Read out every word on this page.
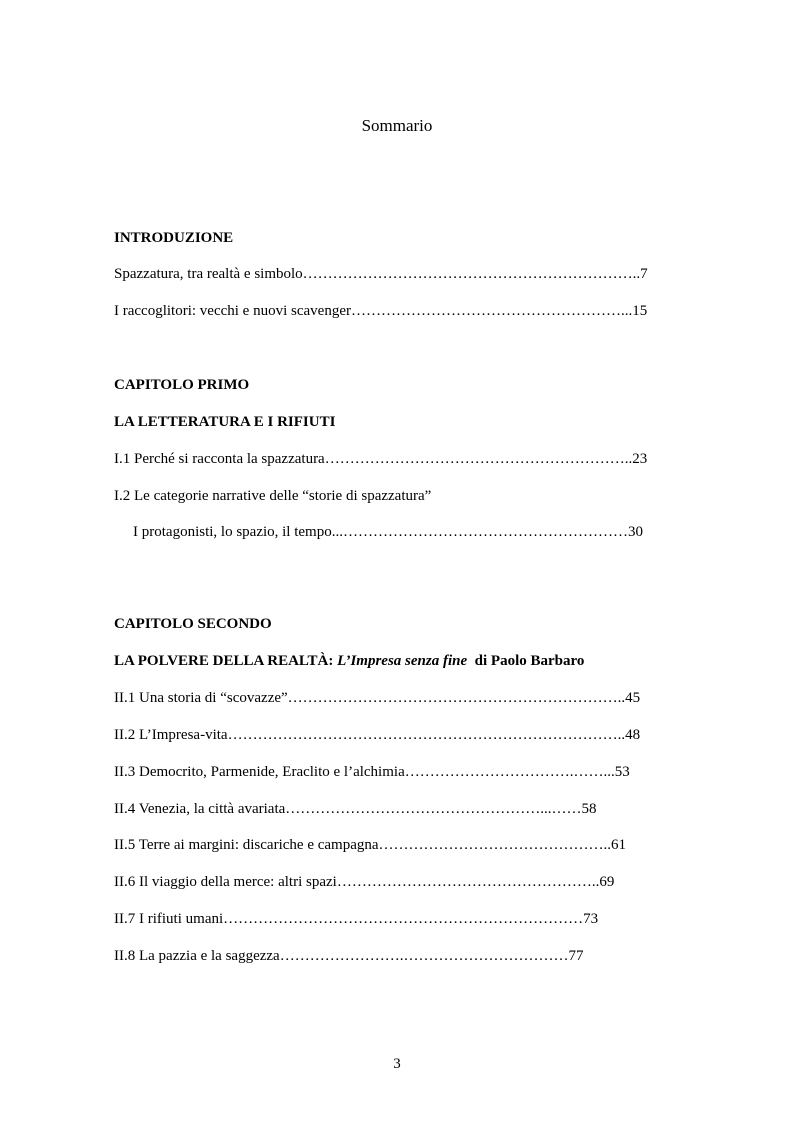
Sommario
INTRODUZIONE
Spazzatura, tra realtà e simbolo…………………………………………………………..7
I raccoglitori: vecchi e nuovi scavenger………………………………………………...15
CAPITOLO PRIMO
LA LETTERATURA E I RIFIUTI
I.1 Perché si racconta la spazzatura……………………………………………………..23
I.2 Le categorie narrative delle “storie di spazzatura”
I protagonisti, lo spazio, il tempo...…………………………………………………30
CAPITOLO SECONDO
LA POLVERE DELLA REALTÀ: L’Impresa senza fine  di Paolo Barbaro
II.1 Una storia di “scovazze”…………………………………………………………..45
II.2 L’Impresa-vita……………………………………………………………………..48
II.3 Democrito, Parmenide, Eraclito e l’alchimia…………………………….……...53
II.4 Venezia, la città avariata……………………………………………...……58
II.5 Terre ai margini: discariche e campagna………………………………………..61
II.6 Il viaggio della merce: altri spazi……………………………………………..69
II.7 I rifiuti umani………………………………………………………………73
II.8 La pazzia e la saggezza…………………….……………………………77
3
